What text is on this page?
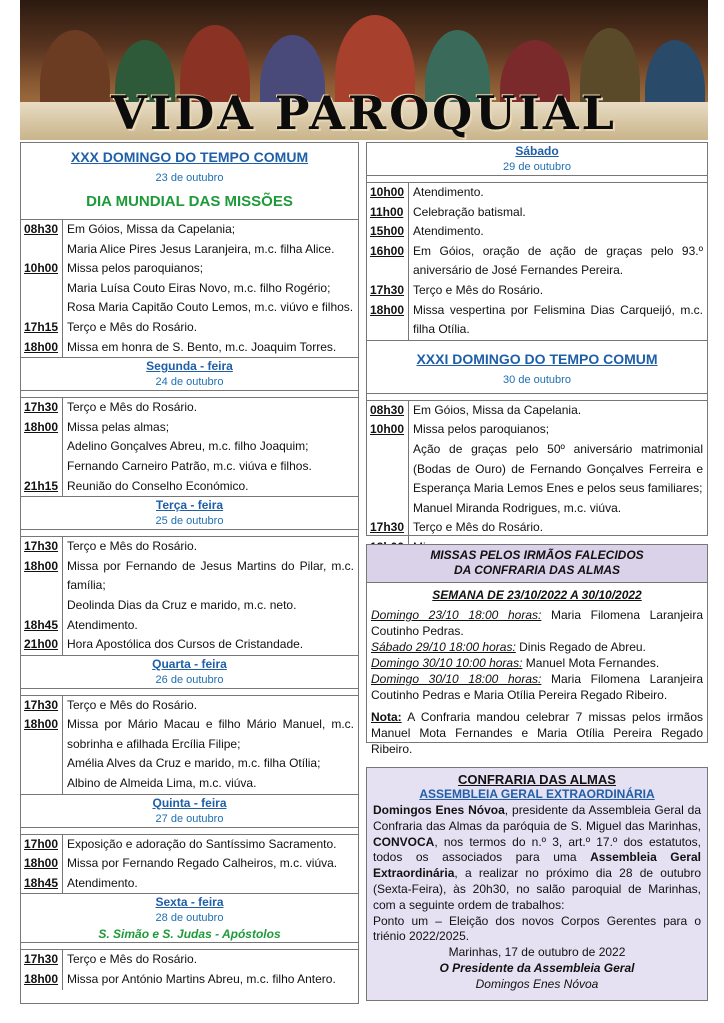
VIDA PAROQUIAL
XXX DOMINGO DO TEMPO COMUM
23 de outubro
DIA MUNDIAL DAS MISSÕES
08h30 Em Góios, Missa da Capelania;
Maria Alice Pires Jesus Laranjeira, m.c. filha Alice.
10h00 Missa pelos paroquianos;
Maria Luísa Couto Eiras Novo, m.c. filho Rogério;
Rosa Maria Capitão Couto Lemos, m.c. viúvo e filhos.
17h15 Terço e Mês do Rosário.
18h00 Missa em honra de S. Bento, m.c. Joaquim Torres.
Segunda - feira
24 de outubro
17h30 Terço e Mês do Rosário.
18h00 Missa pelas almas;
Adelino Gonçalves Abreu, m.c. filho Joaquim;
Fernando Carneiro Patrão, m.c. viúva e filhos.
21h15 Reunião do Conselho Económico.
Terça - feira
25 de outubro
17h30 Terço e Mês do Rosário.
18h00 Missa por Fernando de Jesus Martins do Pilar, m.c. família;
Deolinda Dias da Cruz e marido, m.c. neto.
18h45 Atendimento.
21h00 Hora Apostólica dos Cursos de Cristandade.
Quarta - feira
26 de outubro
17h30 Terço e Mês do Rosário.
18h00 Missa por Mário Macau e filho Mário Manuel, m.c. sobrinha e afilhada Ercília Filipe;
Amélia Alves da Cruz e marido, m.c. filha Otília;
Albino de Almeida Lima, m.c. viúva.
Quinta - feira
27 de outubro
17h00 Exposição e adoração do Santíssimo Sacramento.
18h00 Missa por Fernando Regado Calheiros, m.c. viúva.
18h45 Atendimento.
Sexta - feira
28 de outubro
S. Simão e S. Judas - Apóstolos
17h30 Terço e Mês do Rosário.
18h00 Missa por António Martins Abreu, m.c. filho Antero.
Sábado
29 de outubro
10h00 Atendimento.
11h00 Celebração batismal.
15h00 Atendimento.
16h00 Em Góios, oração de ação de graças pelo 93.º aniversário de José Fernandes Pereira.
17h30 Terço e Mês do Rosário.
18h00 Missa vespertina por Felismina Dias Carqueijó, m.c. filha Otília.
XXXI DOMINGO DO TEMPO COMUM
30 de outubro
08h30 Em Góios, Missa da Capelania.
10h00 Missa pelos paroquianos;
Ação de graças pelo 50º aniversário matrimonial (Bodas de Ouro) de Fernando Gonçalves Ferreira e Esperança Maria Lemos Enes e pelos seus familiares;
Manuel Miranda Rodrigues, m.c. viúva.
17h30 Terço e Mês do Rosário.
MISSAS PELOS IRMÃOS FALECIDOS
DA CONFRARIA DAS ALMAS
SEMANA DE 23/10/2022 A 30/10/2022
Domingo 23/10 18:00 horas: Maria Filomena Laranjeira Coutinho Pedras.
Sábado 29/10 18:00 horas: Dinis Regado de Abreu.
Domingo 30/10 10:00 horas: Manuel Mota Fernandes.
Domingo 30/10 18:00 horas: Maria Filomena Laranjeira Coutinho Pedras e Maria Otília Pereira Regado Ribeiro.
Nota: A Confraria mandou celebrar 7 missas pelos irmãos Manuel Mota Fernandes e Maria Otília Pereira Regado Ribeiro.
CONFRARIA DAS ALMAS
ASSEMBLEIA GERAL EXTRAORDINÁRIA
Domingos Enes Nóvoa, presidente da Assembleia Geral da Confraria das Almas da paróquia de S. Miguel das Marinhas, CONVOCA, nos termos do n.º 3, art.º 17.º dos estatutos, todos os associados para uma Assembleia Geral Extraordinária, a realizar no próximo dia 28 de outubro (Sexta-Feira), às 20h30, no salão paroquial de Marinhas, com a seguinte ordem de trabalhos:
Ponto um – Eleição dos novos Corpos Gerentes para o triénio 2022/2025.
Marinhas, 17 de outubro de 2022
O Presidente da Assembleia Geral
Domingos Enes Nóvoa
